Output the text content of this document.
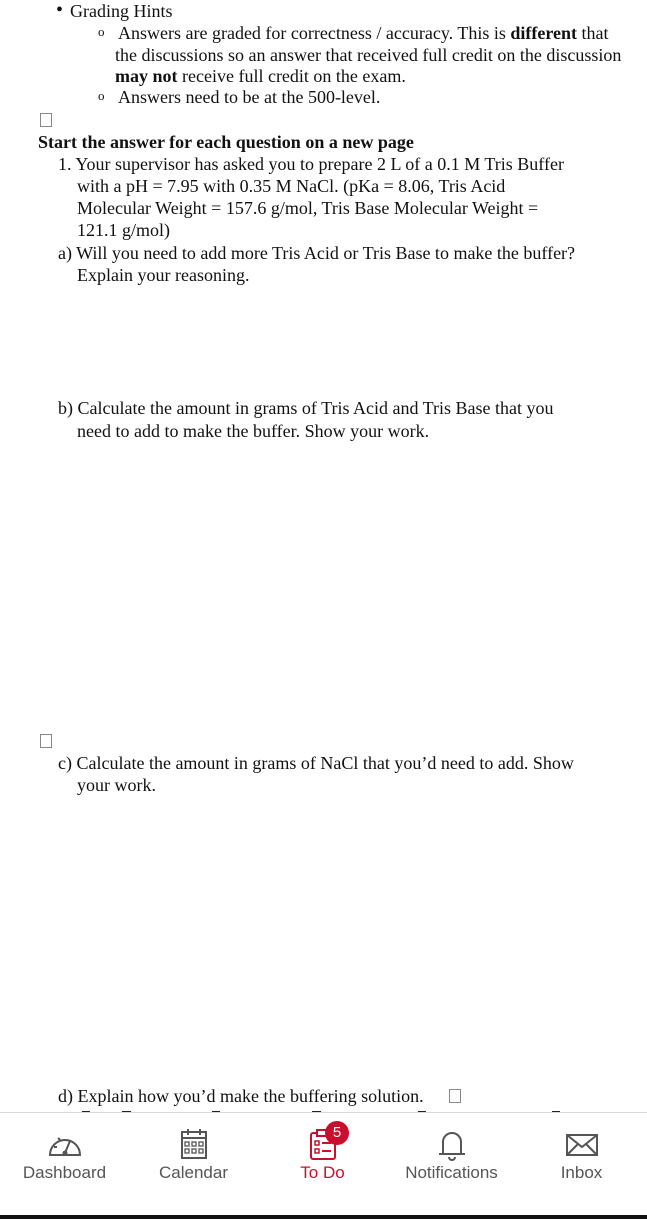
• Grading Hints
o Answers are graded for correctness / accuracy. This is different that
the discussions so an answer that received full credit on the discussion
may not receive full credit on the exam.
o Answers need to be at the 500-level.
Start the answer for each question on a new page
1. Your supervisor has asked you to prepare 2 L of a 0.1 M Tris Buffer
with a pH = 7.95 with 0.35 M NaCl. (pKa = 8.06, Tris Acid
Molecular Weight = 157.6 g/mol, Tris Base Molecular Weight =
121.1 g/mol)
a) Will you need to add more Tris Acid or Tris Base to make the buffer?
Explain your reasoning.
b) Calculate the amount in grams of Tris Acid and Tris Base that you
need to add to make the buffer. Show your work.
c) Calculate the amount in grams of NaCl that you’d need to add. Show
your work.
d) Explain how you’d make the buffering solution.
Dashboard	Calendar
5
To Do	Notifications	Inbox
